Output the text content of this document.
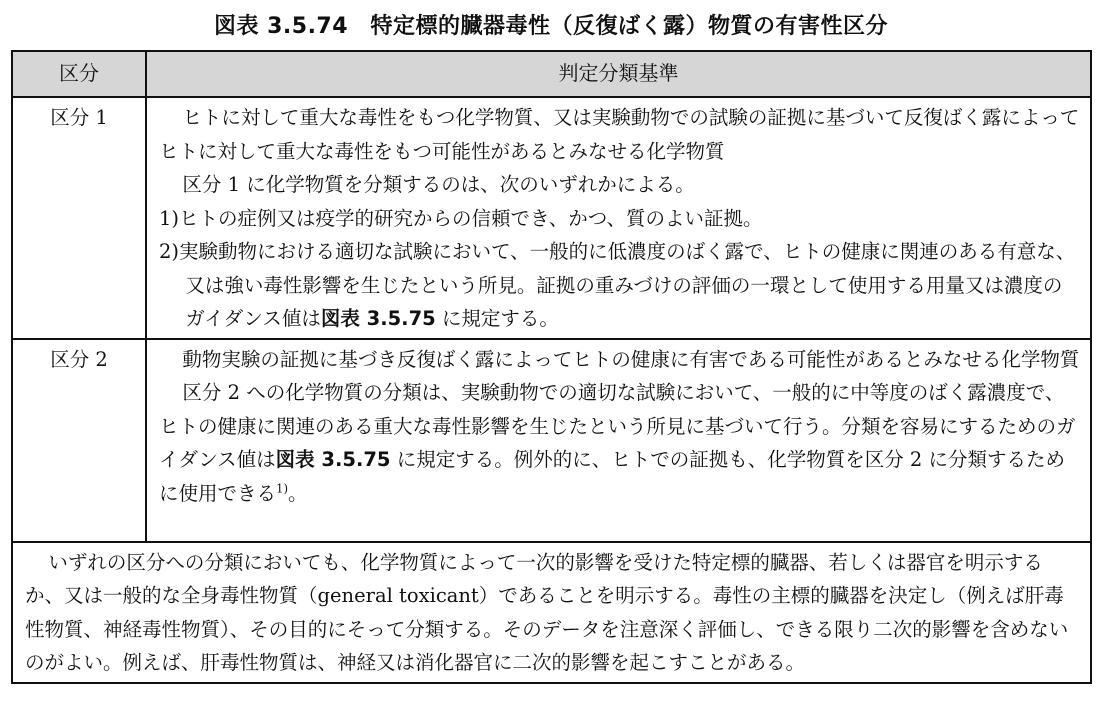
図表 3.5.74　特定標的臓器毒性（反復ばく露）物質の有害性区分
区分	判定分類基準
区分 1	ヒトに対して重大な毒性をもつ化学物質、又は実験動物での試験の証拠に基づいて反復ばく露によってヒトに対して重大な毒性をもつ可能性があるとみなせる化学物質

区分 1 に化学物質を分類するのは、次のいずれかによる。

1)ヒトの症例又は疫学的研究からの信頼でき、かつ、質のよい証拠。

2)実験動物における適切な試験において、一般的に低濃度のばく露で、ヒトの健康に関連のある有意な、又は強い毒性影響を生じたという所見。証拠の重みづけの評価の一環として使用する用量又は濃度のガイダンス値は図表 3.5.75 に規定する。

区分 2	動物実験の証拠に基づき反復ばく露によってヒトの健康に有害である可能性があるとみなせる化学物質

区分 2 への化学物質の分類は、実験動物での適切な試験において、一般的に中等度のばく露濃度で、ヒトの健康に関連のある重大な毒性影響を生じたという所見に基づいて行う。分類を容易にするためのガイダンス値は図表 3.5.75 に規定する。例外的に、ヒトでの証拠も、化学物質を区分 2 に分類するために使用できる$^{1)}$。

いずれの区分への分類においても、化学物質によって一次的影響を受けた特定標的臓器、若しくは器官を明示するか、又は一般的な全身毒性物質（general toxicant）であることを明示する。毒性の主標的臓器を決定し（例えば肝毒性物質、神経毒性物質）、その目的にそって分類する。そのデータを注意深く評価し、できる限り二次的影響を含めないのがよい。例えば、肝毒性物質は、神経又は消化器官に二次的影響を起こすことがある。	
